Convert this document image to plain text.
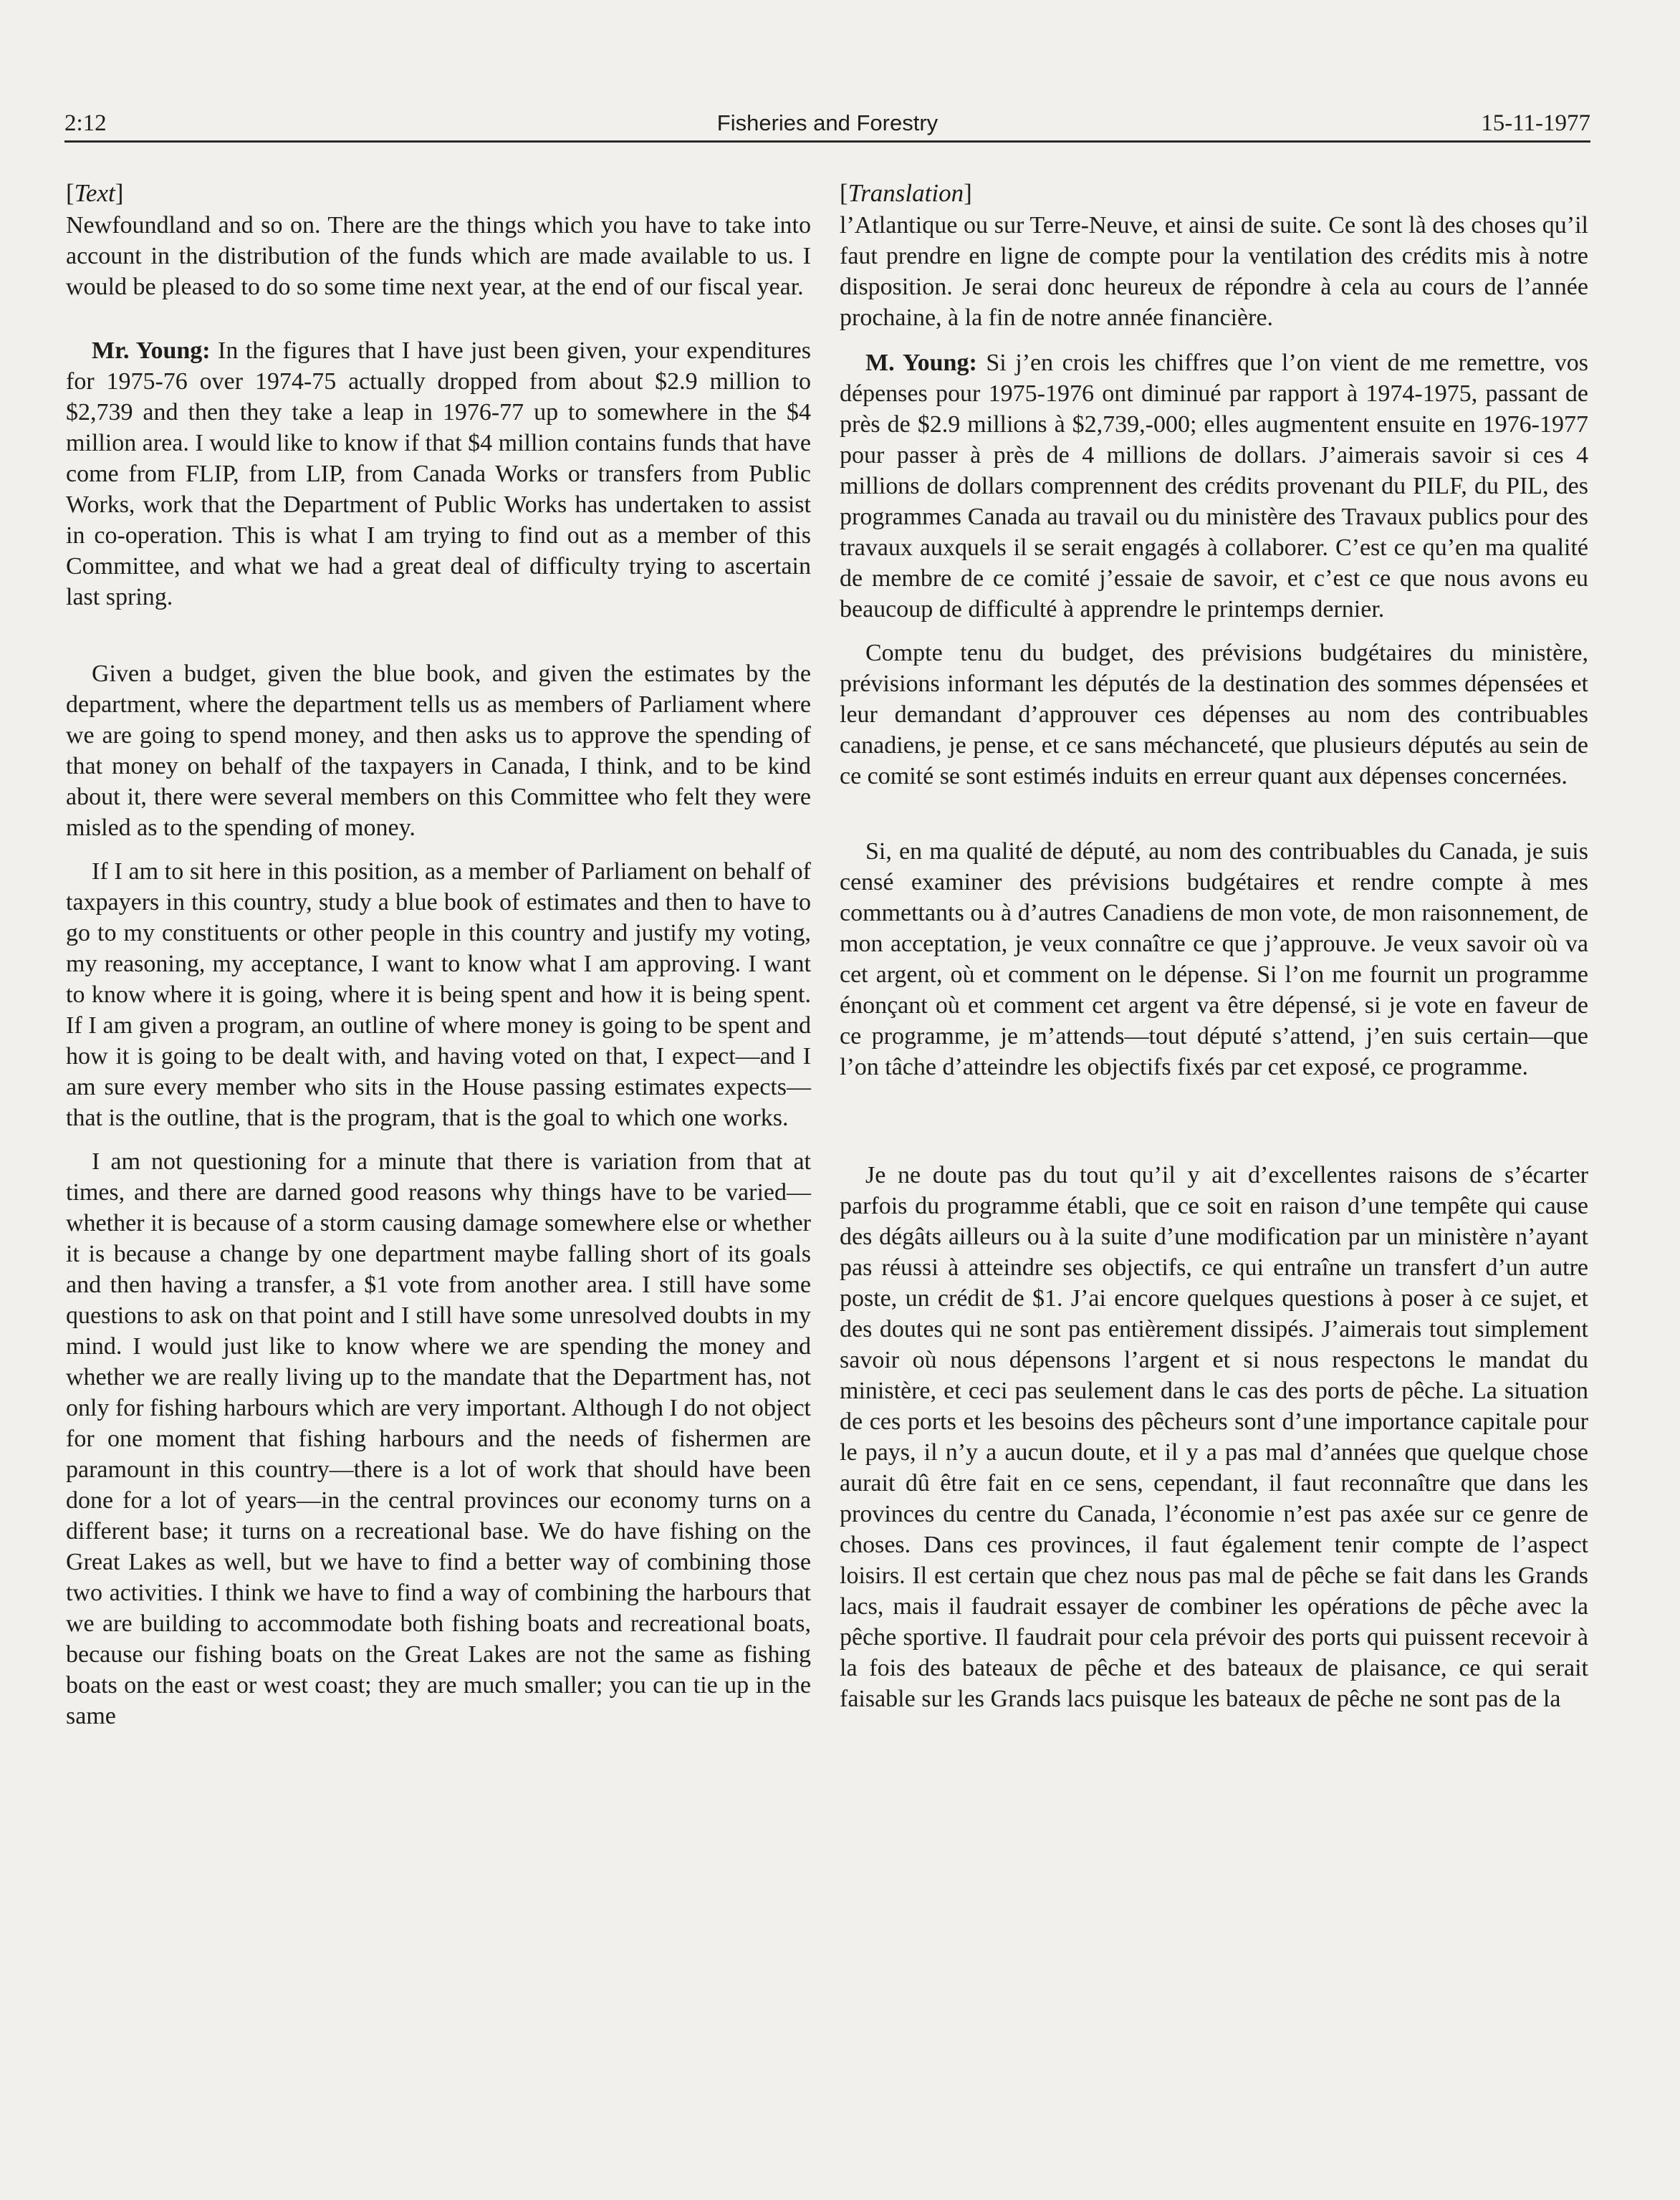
2:12	Fisheries and Forestry	15-11-1977
[Text]

Newfoundland and so on. There are the things which you have to take into account in the distribution of the funds which are made available to us. I would be pleased to do so some time next year, at the end of our fiscal year.

Mr. Young: In the figures that I have just been given, your expenditures for 1975-76 over 1974-75 actually dropped from about $2.9 million to $2,739 and then they take a leap in 1976-77 up to somewhere in the $4 million area. I would like to know if that $4 million contains funds that have come from FLIP, from LIP, from Canada Works or transfers from Public Works, work that the Department of Public Works has undertaken to assist in co-operation. This is what I am trying to find out as a member of this Committee, and what we had a great deal of difficulty trying to ascertain last spring.

Given a budget, given the blue book, and given the estimates by the department, where the department tells us as members of Parliament where we are going to spend money, and then asks us to approve the spending of that money on behalf of the taxpayers in Canada, I think, and to be kind about it, there were several members on this Committee who felt they were misled as to the spending of money.

If I am to sit here in this position, as a member of Parliament on behalf of taxpayers in this country, study a blue book of estimates and then to have to go to my constituents or other people in this country and justify my voting, my reasoning, my acceptance, I want to know what I am approving. I want to know where it is going, where it is being spent and how it is being spent. If I am given a program, an outline of where money is going to be spent and how it is going to be dealt with, and having voted on that, I expect—and I am sure every member who sits in the House passing estimates expects—that is the outline, that is the program, that is the goal to which one works.

I am not questioning for a minute that there is variation from that at times, and there are darned good reasons why things have to be varied—whether it is because of a storm causing damage somewhere else or whether it is because a change by one department maybe falling short of its goals and then having a transfer, a $1 vote from another area. I still have some questions to ask on that point and I still have some unresolved doubts in my mind. I would just like to know where we are spending the money and whether we are really living up to the mandate that the Department has, not only for fishing harbours which are very important. Although I do not object for one moment that fishing harbours and the needs of fishermen are paramount in this country—there is a lot of work that should have been done for a lot of years—in the central provinces our economy turns on a different base; it turns on a recreational base. We do have fishing on the Great Lakes as well, but we have to find a better way of combining those two activities. I think we have to find a way of combining the harbours that we are building to accommodate both fishing boats and recreational boats, because our fishing boats on the Great Lakes are not the same as fishing boats on the east or west coast; they are much smaller; you can tie up in the same

[Translation]

l’Atlantique ou sur Terre-Neuve, et ainsi de suite. Ce sont là des choses qu’il faut prendre en ligne de compte pour la ventilation des crédits mis à notre disposition. Je serai donc heureux de répondre à cela au cours de l’année prochaine, à la fin de notre année financière.

M. Young: Si j’en crois les chiffres que l’on vient de me remettre, vos dépenses pour 1975-1976 ont diminué par rapport à 1974-1975, passant de près de $2.9 millions à $2,739,-000; elles augmentent ensuite en 1976-1977 pour passer à près de 4 millions de dollars. J’aimerais savoir si ces 4 millions de dollars comprennent des crédits provenant du PILF, du PIL, des programmes Canada au travail ou du ministère des Travaux publics pour des travaux auxquels il se serait engagés à collaborer. C’est ce qu’en ma qualité de membre de ce comité j’essaie de savoir, et c’est ce que nous avons eu beaucoup de difficulté à apprendre le printemps dernier.

Compte tenu du budget, des prévisions budgétaires du ministère, prévisions informant les députés de la destination des sommes dépensées et leur demandant d’approuver ces dépenses au nom des contribuables canadiens, je pense, et ce sans méchanceté, que plusieurs députés au sein de ce comité se sont estimés induits en erreur quant aux dépenses concernées.

Si, en ma qualité de député, au nom des contribuables du Canada, je suis censé examiner des prévisions budgétaires et rendre compte à mes commettants ou à d’autres Canadiens de mon vote, de mon raisonnement, de mon acceptation, je veux connaître ce que j’approuve. Je veux savoir où va cet argent, où et comment on le dépense. Si l’on me fournit un programme énonçant où et comment cet argent va être dépensé, si je vote en faveur de ce programme, je m’attends—tout député s’attend, j’en suis certain—que l’on tâche d’atteindre les objectifs fixés par cet exposé, ce programme.

Je ne doute pas du tout qu’il y ait d’excellentes raisons de s’écarter parfois du programme établi, que ce soit en raison d’une tempête qui cause des dégâts ailleurs ou à la suite d’une modification par un ministère n’ayant pas réussi à atteindre ses objectifs, ce qui entraîne un transfert d’un autre poste, un crédit de $1. J’ai encore quelques questions à poser à ce sujet, et des doutes qui ne sont pas entièrement dissipés. J’aimerais tout simplement savoir où nous dépensons l’argent et si nous respectons le mandat du ministère, et ceci pas seulement dans le cas des ports de pêche. La situation de ces ports et les besoins des pêcheurs sont d’une importance capitale pour le pays, il n’y a aucun doute, et il y a pas mal d’années que quelque chose aurait dû être fait en ce sens, cependant, il faut reconnaître que dans les provinces du centre du Canada, l’économie n’est pas axée sur ce genre de choses. Dans ces provinces, il faut également tenir compte de l’aspect loisirs. Il est certain que chez nous pas mal de pêche se fait dans les Grands lacs, mais il faudrait essayer de combiner les opérations de pêche avec la pêche sportive. Il faudrait pour cela prévoir des ports qui puissent recevoir à la fois des bateaux de pêche et des bateaux de plaisance, ce qui serait faisable sur les Grands lacs puisque les bateaux de pêche ne sont pas de la
